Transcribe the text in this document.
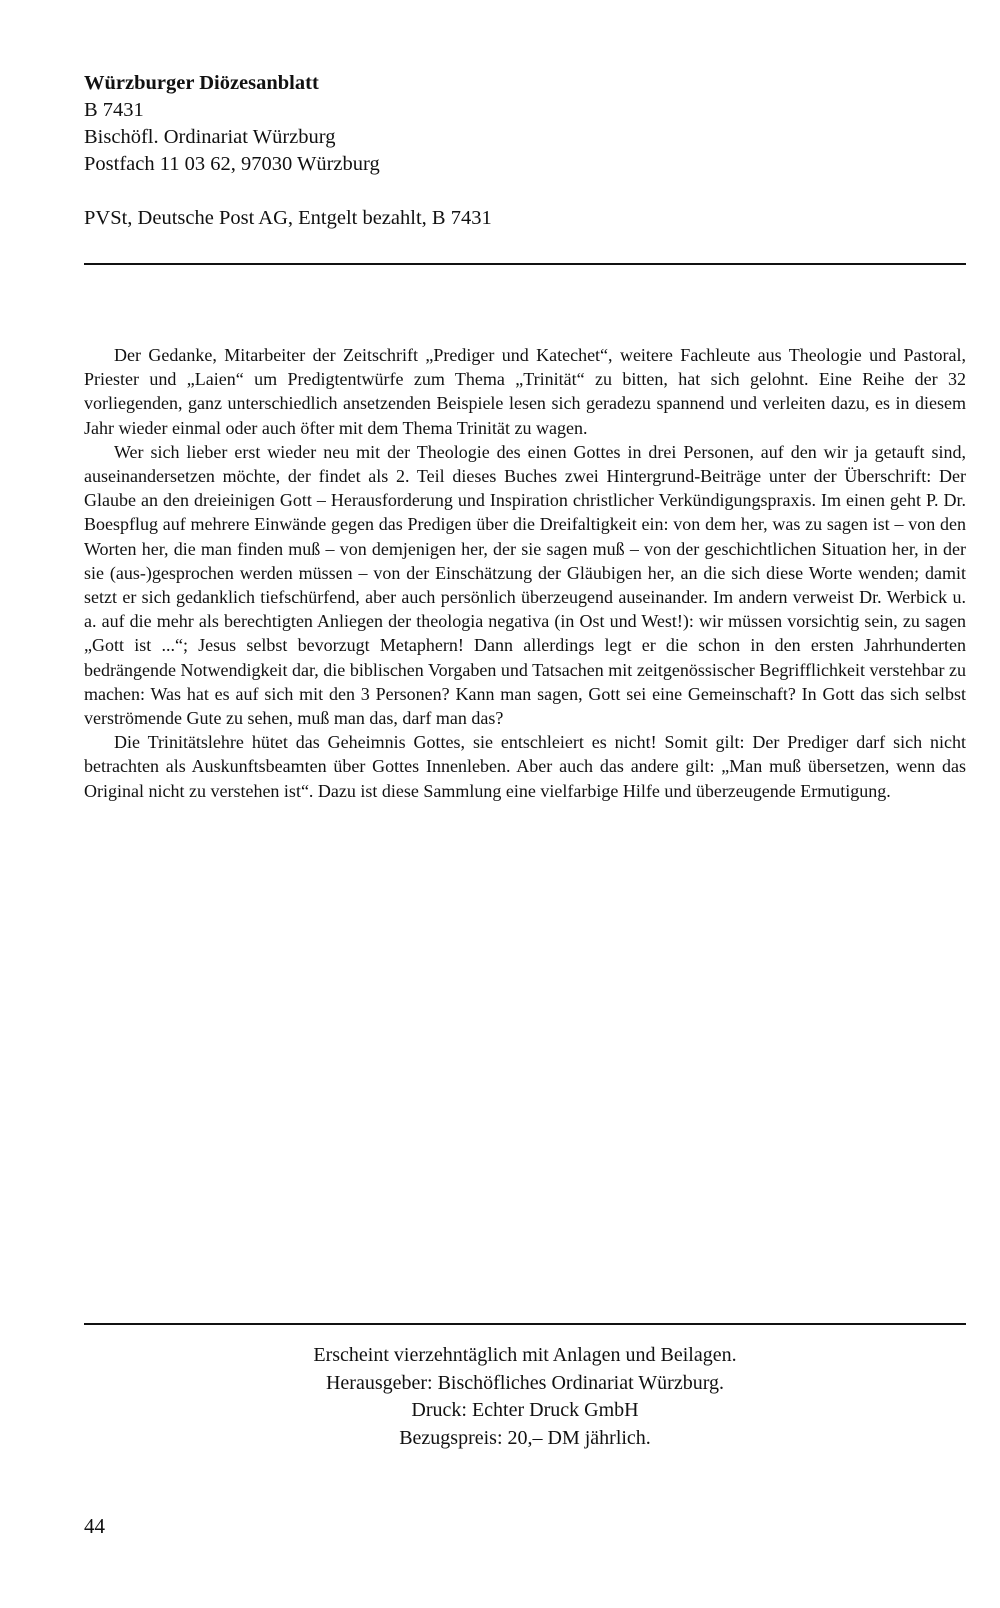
Würzburger Diözesanblatt
B 7431
Bischöfl. Ordinariat Würzburg
Postfach 11 03 62, 97030 Würzburg
PVSt, Deutsche Post AG, Entgelt bezahlt, B 7431

Der Gedanke, Mitarbeiter der Zeitschrift „Prediger und Katechet“, weitere Fachleute aus Theologie und Pastoral, Priester und „Laien“ um Predigtentwürfe zum Thema „Trinität“ zu bitten, hat sich gelohnt. Eine Reihe der 32 vorliegenden, ganz unterschiedlich ansetzenden Beispiele lesen sich geradezu spannend und verleiten dazu, es in diesem Jahr wieder einmal oder auch öfter mit dem Thema Trinität zu wagen.

Wer sich lieber erst wieder neu mit der Theologie des einen Gottes in drei Personen, auf den wir ja getauft sind, auseinandersetzen möchte, der findet als 2. Teil dieses Buches zwei Hintergrund-Beiträge unter der Überschrift: Der Glaube an den dreieinigen Gott – Herausforderung und Inspiration christlicher Verkündigungspraxis. Im einen geht P. Dr. Boespflug auf mehrere Einwände gegen das Predigen über die Dreifaltigkeit ein: von dem her, was zu sagen ist – von den Worten her, die man finden muß – von demjenigen her, der sie sagen muß – von der geschichtlichen Situation her, in der sie (aus-)gesprochen werden müssen – von der Einschätzung der Gläubigen her, an die sich diese Worte wenden; damit setzt er sich gedanklich tiefschürfend, aber auch persönlich überzeugend auseinander. Im andern verweist Dr. Werbick u. a. auf die mehr als berechtigten Anliegen der theologia negativa (in Ost und West!): wir müssen vorsichtig sein, zu sagen „Gott ist ...“; Jesus selbst bevorzugt Metaphern! Dann allerdings legt er die schon in den ersten Jahrhunderten bedrängende Notwendigkeit dar, die biblischen Vorgaben und Tatsachen mit zeitgenössischer Begrifflichkeit verstehbar zu machen: Was hat es auf sich mit den 3 Personen? Kann man sagen, Gott sei eine Gemeinschaft? In Gott das sich selbst verströmende Gute zu sehen, muß man das, darf man das?

Die Trinitätslehre hütet das Geheimnis Gottes, sie entschleiert es nicht! Somit gilt: Der Prediger darf sich nicht betrachten als Auskunftsbeamten über Gottes Innenleben. Aber auch das andere gilt: „Man muß übersetzen, wenn das Original nicht zu verstehen ist“. Dazu ist diese Sammlung eine vielfarbige Hilfe und überzeugende Ermutigung.

Erscheint vierzehntäglich mit Anlagen und Beilagen.
Herausgeber: Bischöfliches Ordinariat Würzburg.
Druck: Echter Druck GmbH
Bezugspreis: 20,– DM jährlich.
44
